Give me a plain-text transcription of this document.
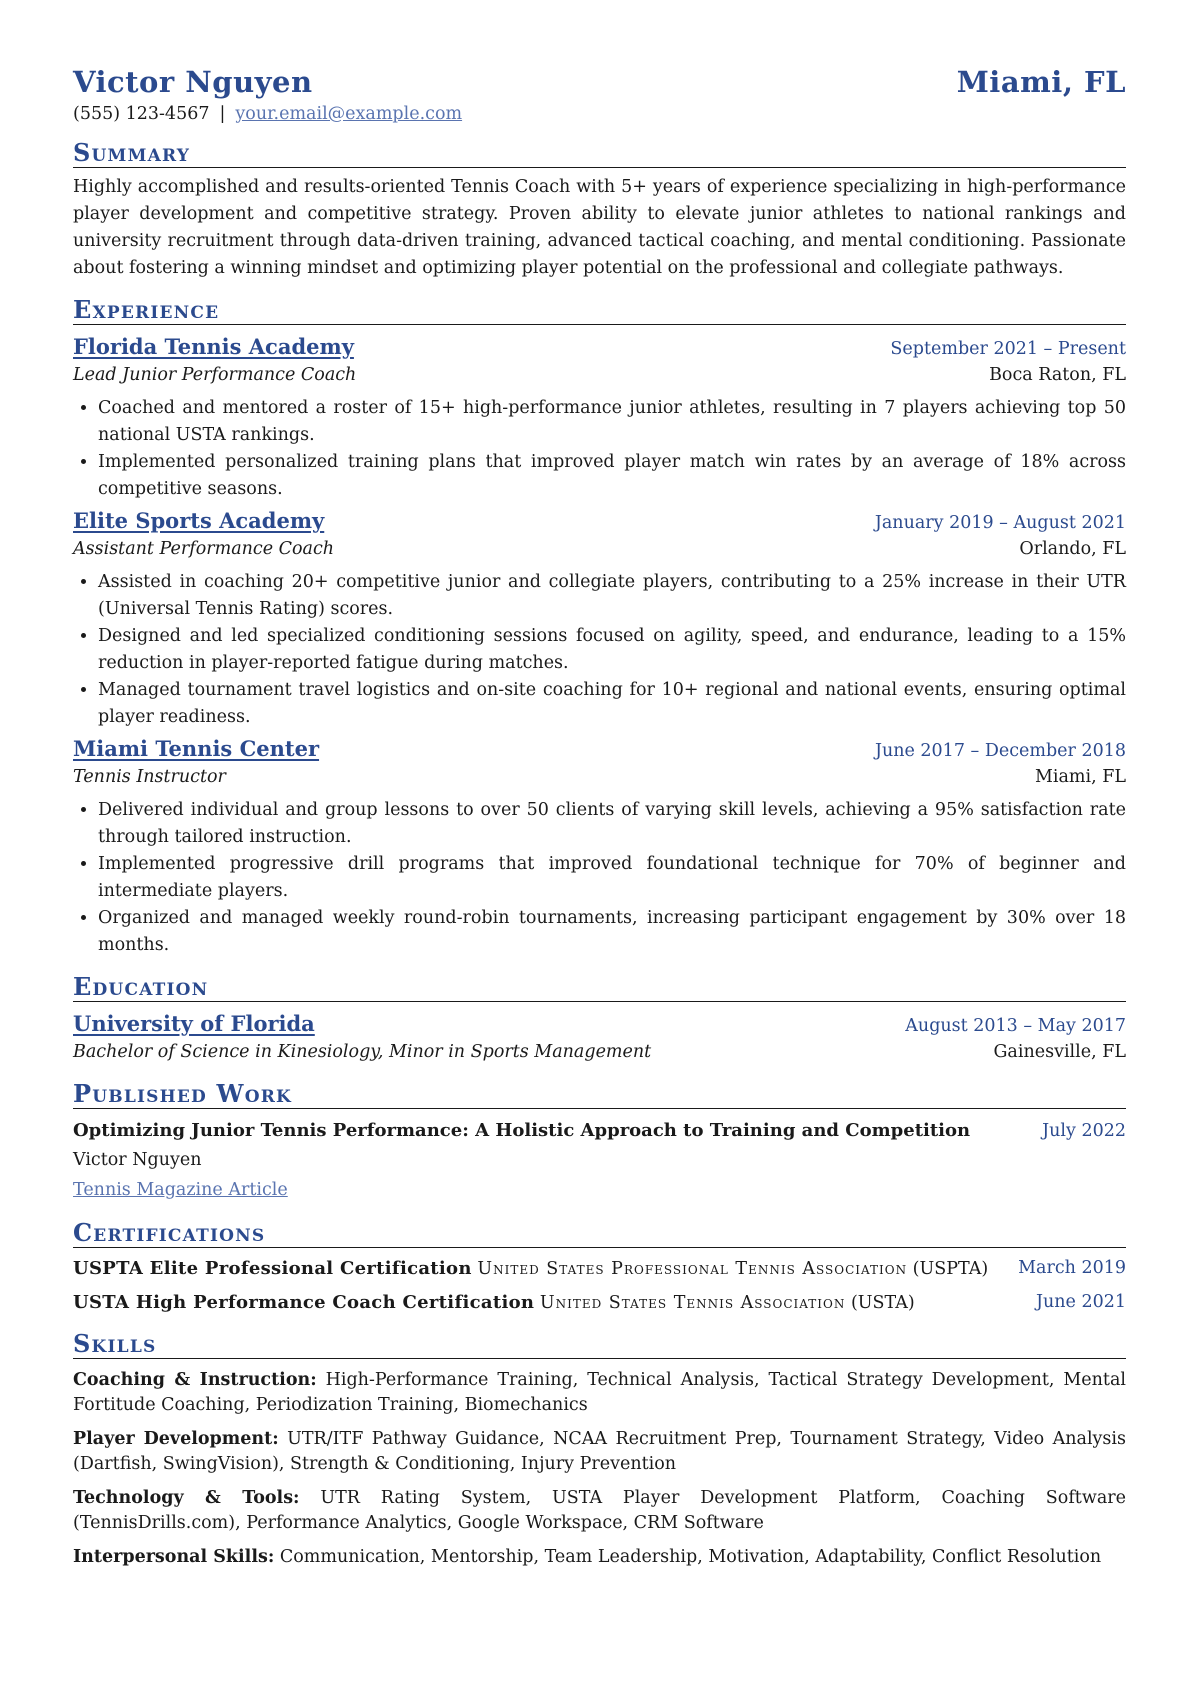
Victor Nguyen	Miami, FL
(555) 123-4567 | your.email@example.com
Summary
Highly accomplished and results-oriented Tennis Coach with 5+ years of experience specializing in high-performance player development and competitive strategy. Proven ability to elevate junior athletes to national rankings and university recruitment through data-driven training, advanced tactical coaching, and mental conditioning. Passionate about fostering a winning mindset and optimizing player potential on the professional and collegiate pathways.
Experience
Florida Tennis Academy	September 2021 – Present
Lead Junior Performance Coach	Boca Raton, FL
• Coached and mentored a roster of 15+ high-performance junior athletes, resulting in 7 players achieving top 50 national USTA rankings.
• Implemented personalized training plans that improved player match win rates by an average of 18% across competitive seasons.
Elite Sports Academy	January 2019 – August 2021
Assistant Performance Coach	Orlando, FL
• Assisted in coaching 20+ competitive junior and collegiate players, contributing to a 25% increase in their UTR (Universal Tennis Rating) scores.
• Designed and led specialized conditioning sessions focused on agility, speed, and endurance, leading to a 15% reduction in player-reported fatigue during matches.
• Managed tournament travel logistics and on-site coaching for 10+ regional and national events, ensuring optimal player readiness.
Miami Tennis Center	June 2017 – December 2018
Tennis Instructor	Miami, FL
• Delivered individual and group lessons to over 50 clients of varying skill levels, achieving a 95% satisfaction rate through tailored instruction.
• Implemented progressive drill programs that improved foundational technique for 70% of beginner and intermediate players.
• Organized and managed weekly round-robin tournaments, increasing participant engagement by 30% over 18 months.
Education
University of Florida	August 2013 – May 2017
Bachelor of Science in Kinesiology, Minor in Sports Management	Gainesville, FL
Published Work
Optimizing Junior Tennis Performance: A Holistic Approach to Training and Competition	July 2022
Victor Nguyen
Tennis Magazine Article
Certifications
USPTA Elite Professional Certification United States Professional Tennis Association (USPTA)	March 2019
USTA High Performance Coach Certification United States Tennis Association (USTA)	June 2021
Skills
Coaching & Instruction: High-Performance Training, Technical Analysis, Tactical Strategy Development, Mental Fortitude Coaching, Periodization Training, Biomechanics
Player Development: UTR/ITF Pathway Guidance, NCAA Recruitment Prep, Tournament Strategy, Video Analysis (Dartfish, SwingVision), Strength & Conditioning, Injury Prevention
Technology & Tools: UTR Rating System, USTA Player Development Platform, Coaching Software (TennisDrills.com), Performance Analytics, Google Workspace, CRM Software
Interpersonal Skills: Communication, Mentorship, Team Leadership, Motivation, Adaptability, Conflict Resolution
